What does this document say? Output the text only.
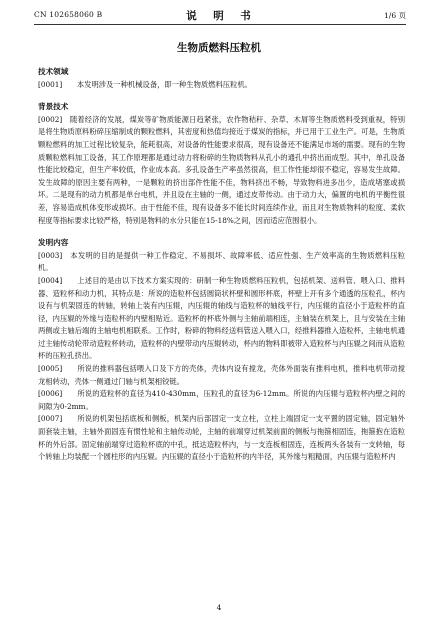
CN 102658060 B	说　明　书	1/6 页
生物质燃料压粒机

技术领域

[0001]　　 本发明涉及一种机械设备，即一种生物质燃料压粒机。

背景技术

[0002]　 随着经济的发展，煤炭等矿物质能源日趋紧张，农作物秸秆、杂草、木屑等生物质燃料受到重视，特别是将生物质原料粉碎压缩制成的颗粒燃料，其密度和热值均接近于煤炭的指标，并已用于工业生产。可是，生物质颗粒燃料的加工过程比较复杂，能耗很高，对设备的性能要求很高，现有设备还不能满足市场的需要。现有的生物质颗粒燃料加工设备，其工作原理都是通过动力将粉碎的生物质物料从孔小的通孔中挤出而成型。其中，单孔设备性能比较稳定，但生产率较低，作业成本高。多孔设备生产率虽然很高，但工作性能却很不稳定，容易发生故障。发生故障的原因主要有两种，一是颗粒的挤出部件性能不佳，物料挤出不畅，导致物料进多出少，造成堵塞或损坏。二是现有的动力机都是单台电机，并且设在主轴的一侧，通过皮带传动。由于动力大，偏置的电机的平衡性很差，容易造成机体变形或损坏。由于性能不佳，现有设备多不能长时间连续作业，而且对生物质物料的粒度、柔软程度等指标要求比较严格，特别是物料的水分只能在15-18%之间，因而适应范围很小。

发明内容

[0003]　 本发明的目的是提供一种工作稳定、不易损坏、故障率低、适应性强、生产效率高的生物质燃料压粒机。

[0004]　　 上述目的是由以下技术方案实现的：研制一种生物质燃料压粒机，包括机架、送料管、喂入口、推料器、造粒杯和动力机，其特点是：所说的造粒杯包括圆筒状杯壁和圆形杯底，杯壁上开有多个通透的压粒孔，杯内设有与机架固连的转轴，转轴上装有内压辊，内压辊的轴线与造粒杯的轴线平行，内压辊的直径小于造粒杯的直径，内压辊的外缘与造粒杯的内壁相贴近。造粒杯的杯底外侧与主轴前端相连，主轴装在机架上，且与安装在主轴两侧或主轴后端的主轴电机相联系。工作时，粉碎的物料经送料管送入喂入口，经推料器推入造粒杯，主轴电机通过主轴传动轮带动造粒杯转动，造粒杯的内壁带动内压辊转动，杯内的物料即被带入造粒杯与内压辊之间而从造粒杯的压粒孔挤出。

[0005]　　 所说的推料器包括喂入口及下方的壳体，壳体内设有搅龙，壳体外面装有推料电机，推料电机带动搅龙相转动，壳体一侧通过门轴与机架相铰链。

[0006]　　 所说的造粒杯的直径为410-430mm，压粒孔的直径为6-12mm。所说的内压辊与造粒杯内壁之间的间隙为0-2mm。

[0007]　　 所说的机架包括底板和侧板，机架内后部固定一支立柱，立柱上端固定一支平置的固定轴，固定轴外面套装主轴，主轴外面固连有惯性轮和主轴传动轮，主轴的前端穿过机架前面的侧板与拖箍相固连，拖箍抱在造粒杯的外后部。固定轴前端穿过造粒杯底的中孔，抵达造粒杯内，与一支连板相固连，连板两头各装有一支转轴，每个转轴上均装配一个圆柱形的内压辊。内压辊的直径小于造粒杯的内半径，其外缘与粗糙面，内压辊与造粒杯内

4
